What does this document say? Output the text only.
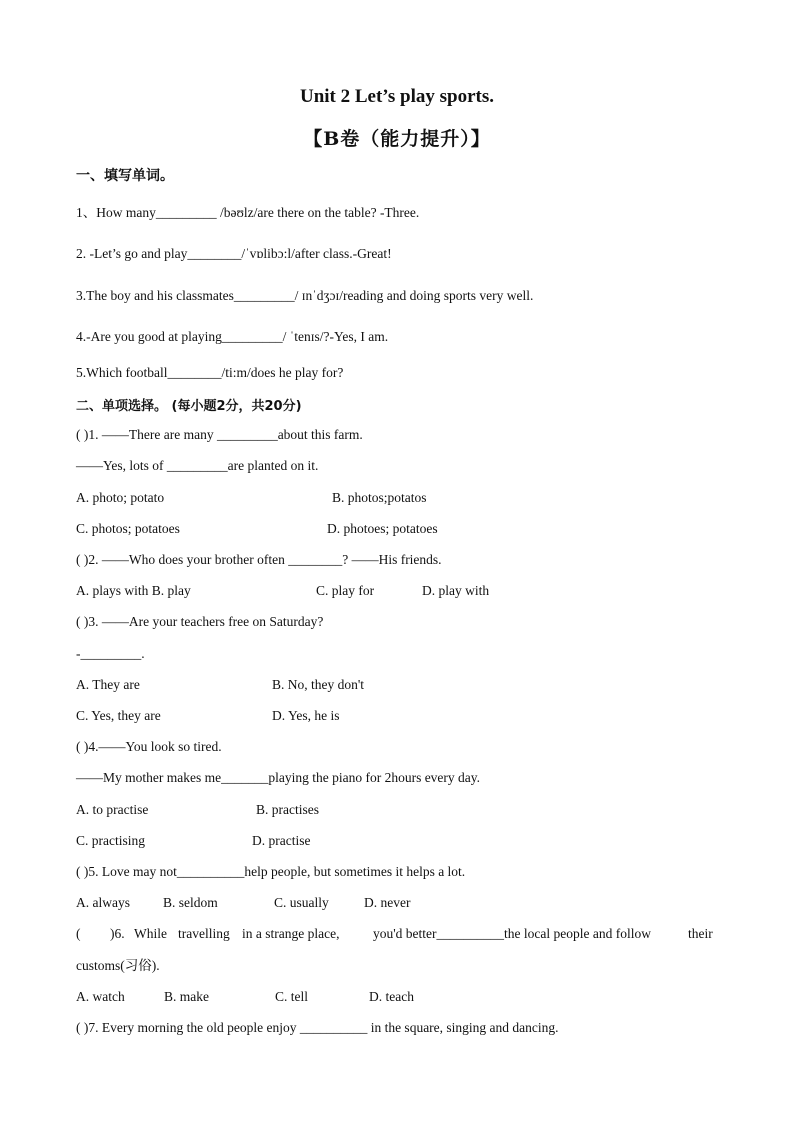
Unit 2 Let’s play sports.
【B卷（能力提升）】
一、填写单词。
1、How many_________ /bəʊlz/are there on the table? -Three.
2. -Let’s go and play________/ˈvɒlibɔ:l/after class.-Great!
3.The boy and his classmates_________/ ɪnˈdʒɔɪ/reading and doing sports very well.
4.-Are you good at playing_________/ ˈtenɪs/?-Yes, I am.
5.Which football________/ti:m/does he play for?
二、单项选择。 (每小题2分，共20分)
( )1. ——There are many _________about this farm.
——Yes, lots of _________are planted on it.
A. photo; potato	B. photos;potatos
C. photos; potatoes	D. photoes; potatoes
( )2. ——Who does your brother often ________? ——His friends.
A. plays with B. play	C. play for	D. play with
( )3. ——Are your teachers free on Saturday?
-_________.
A. They are	B. No, they don't
C. Yes, they are	D. Yes, he is
( )4.——You look so tired.
——My mother makes me_______playing the piano for 2hours every day.
A. to practise	B. practises
C. practising	D. practise
( )5. Love may not__________help people, but sometimes it helps a lot.
A. always B. seldom	C. usually	D. never
( )6. While travelling in a strange place, you'd better__________the local people and follow	their
customs(习俗).
A. watch	B. make	C. tell	D. teach
( )7. Every morning the old people enjoy __________ in the square, singing and dancing.
